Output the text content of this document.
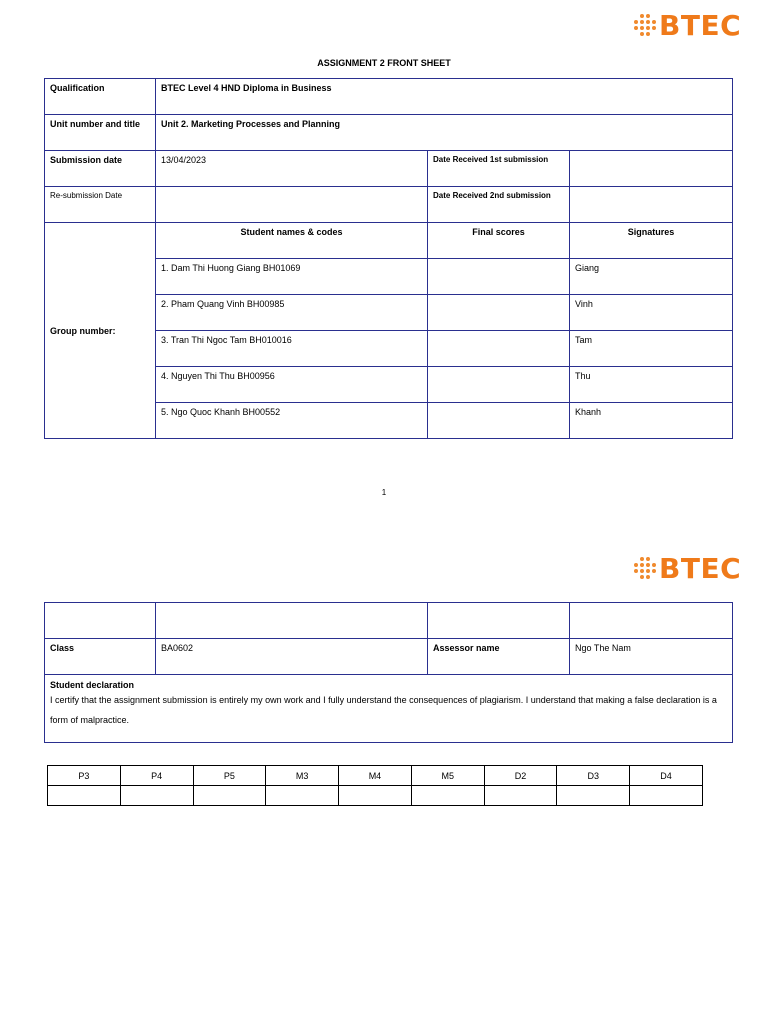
BTEC
ASSIGNMENT 2 FRONT SHEET
Qualification	BTEC Level 4 HND Diploma in Business		
Unit number and title	Unit 2. Marketing Processes and Planning		
Submission date	13/04/2023	Date Received 1st submission	
Re-submission Date		Date Received 2nd submission	
Group number:	Student names & codes	Final scores	Signatures
	1. Dam Thi Huong Giang BH01069		Giang
	2. Pham Quang Vinh BH00985		Vinh
	3. Tran Thi Ngoc Tam BH010016		Tam
	4. Nguyen Thi Thu BH00956		Thu
	5. Ngo Quoc Khanh BH00552		Khanh
1
BTEC

Class	BA0602	Assessor name	Ngo The Nam

Student declaration
I certify that the assignment submission is entirely my own work and I fully understand the consequences of plagiarism. I understand that making a false declaration is a form of malpractice.			
P3	P4	P5	M3	M4	M5	D2	D3	D4
